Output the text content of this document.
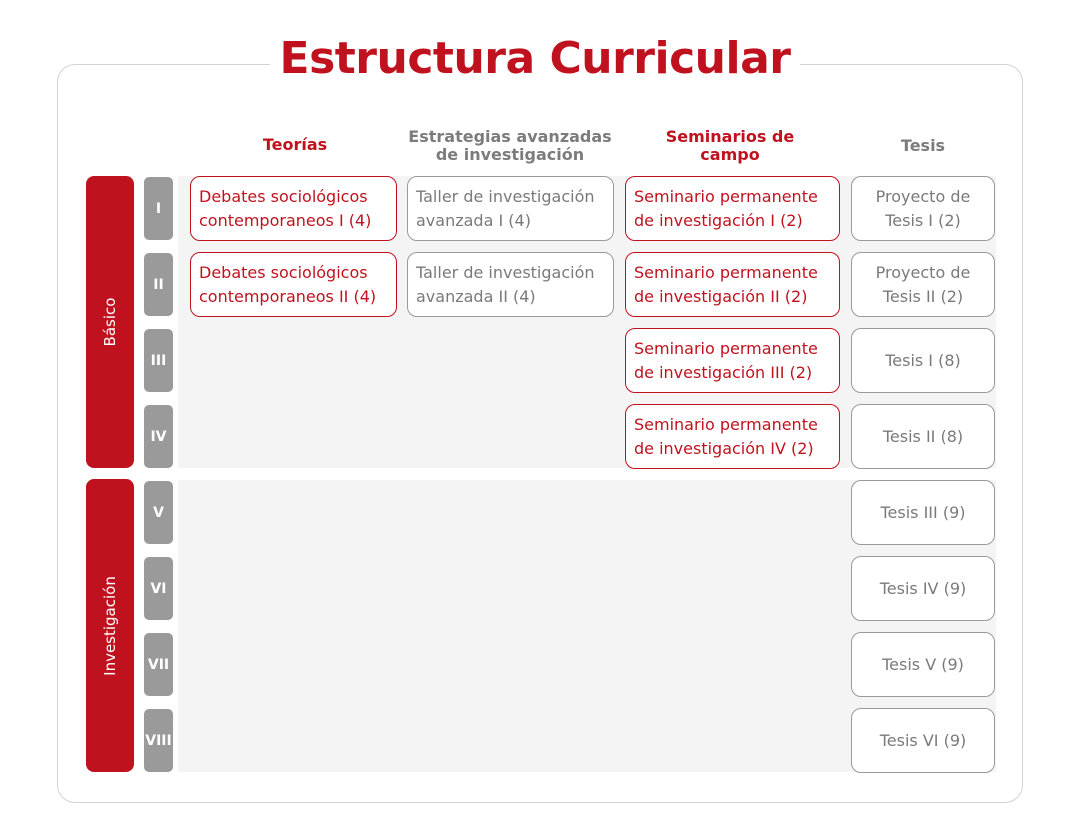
Estructura Curricular
Teorías	Estrategias avanzadas de investigación
Seminarios de campo	Tesis
Básico
Investigación
I
II
III
IV
V
VI
VII
VIII
Debates sociológicos contemporaneos I (4)
Debates sociológicos contemporaneos II (4)
Taller de investigación avanzada I (4)
Taller de investigación avanzada II (4)
Seminario permanente de investigación I (2)
Seminario permanente de investigación II (2)
Seminario permanente de investigación III (2)
Seminario permanente de investigación IV (2)
Proyecto de Tesis I (2)
Proyecto de Tesis II (2)
Tesis I (8)
Tesis II (8)
Tesis III (9)
Tesis IV (9)
Tesis V (9)
Tesis VI (9)
